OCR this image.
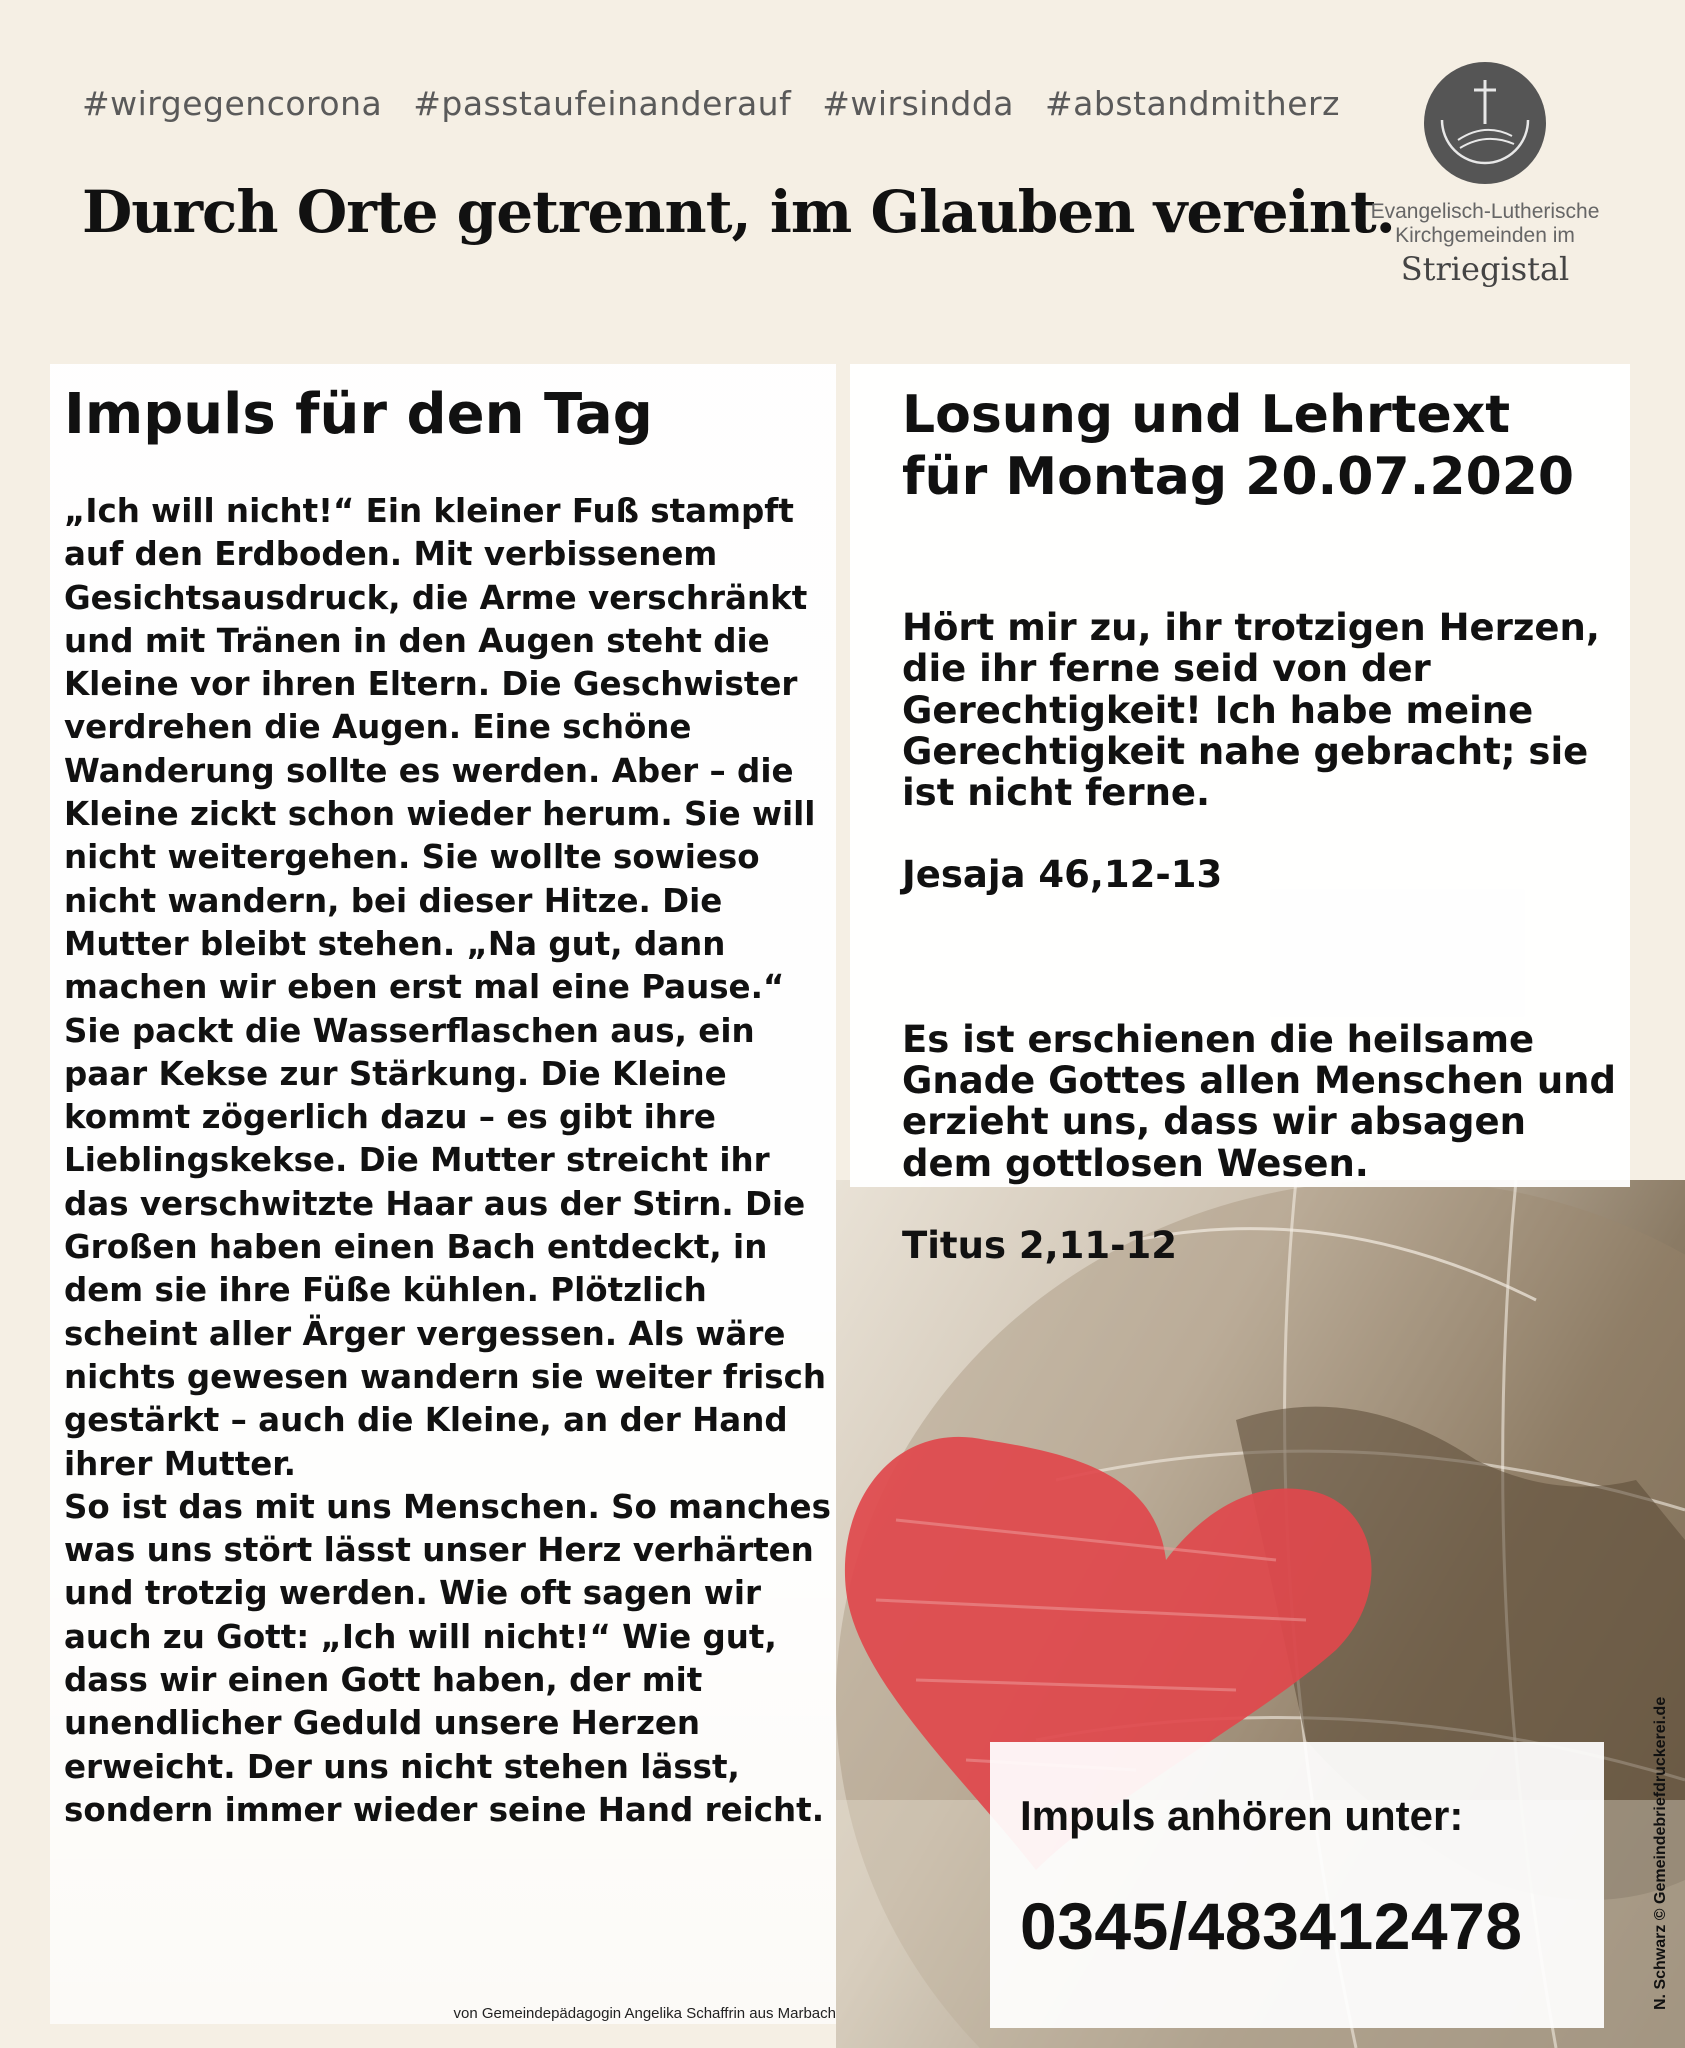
#wirgegencorona #passtaufeinanderauf #wirsindda #abstandmitherz
Durch Orte getrennt, im Glauben vereint.
Evangelisch-Lutherische
Kirchgemeinden im
Striegistal
Impuls für den Tag

„Ich will nicht!“ Ein kleiner Fuß stampft auf den Erdboden. Mit verbissenem Gesichtsausdruck, die Arme verschränkt und mit Tränen in den Augen steht die Kleine vor ihren Eltern. Die Geschwister verdrehen die Augen. Eine schöne Wanderung sollte es werden. Aber – die Kleine zickt schon wieder herum. Sie will nicht weitergehen. Sie wollte sowieso nicht wandern, bei dieser Hitze. Die Mutter bleibt stehen. „Na gut, dann machen wir eben erst mal eine Pause.“ Sie packt die Wasserflaschen aus, ein paar Kekse zur Stärkung. Die Kleine kommt zögerlich dazu – es gibt ihre Lieblingskekse. Die Mutter streicht ihr das verschwitzte Haar aus der Stirn. Die Großen haben einen Bach entdeckt, in dem sie ihre Füße kühlen. Plötzlich scheint aller Ärger vergessen. Als wäre nichts gewesen wandern sie weiter frisch gestärkt – auch die Kleine, an der Hand ihrer Mutter.

So ist das mit uns Menschen. So manches was uns stört lässt unser Herz verhärten und trotzig werden. Wie oft sagen wir auch zu Gott: „Ich will nicht!“ Wie gut, dass wir einen Gott haben, der mit unendlicher Geduld unsere Herzen erweicht. Der uns nicht stehen lässt, sondern immer wieder seine Hand reicht.

von Gemeindepädagogin Angelika Schaffrin aus Marbach
Losung und Lehrtext
für Montag 20.07.2020

Hört mir zu, ihr trotzigen Herzen, die ihr ferne seid von der Gerechtigkeit! Ich habe meine Gerechtigkeit nahe gebracht; sie ist nicht ferne.

Jesaja 46,12-13

Es ist erschienen die heilsame Gnade Gottes allen Menschen und erzieht uns, dass wir absagen dem gottlosen Wesen.

Titus 2,11-12

Impuls anhören unter:
0345/483412478	N. Schwarz © Gemeindebriefdruckerei.de
